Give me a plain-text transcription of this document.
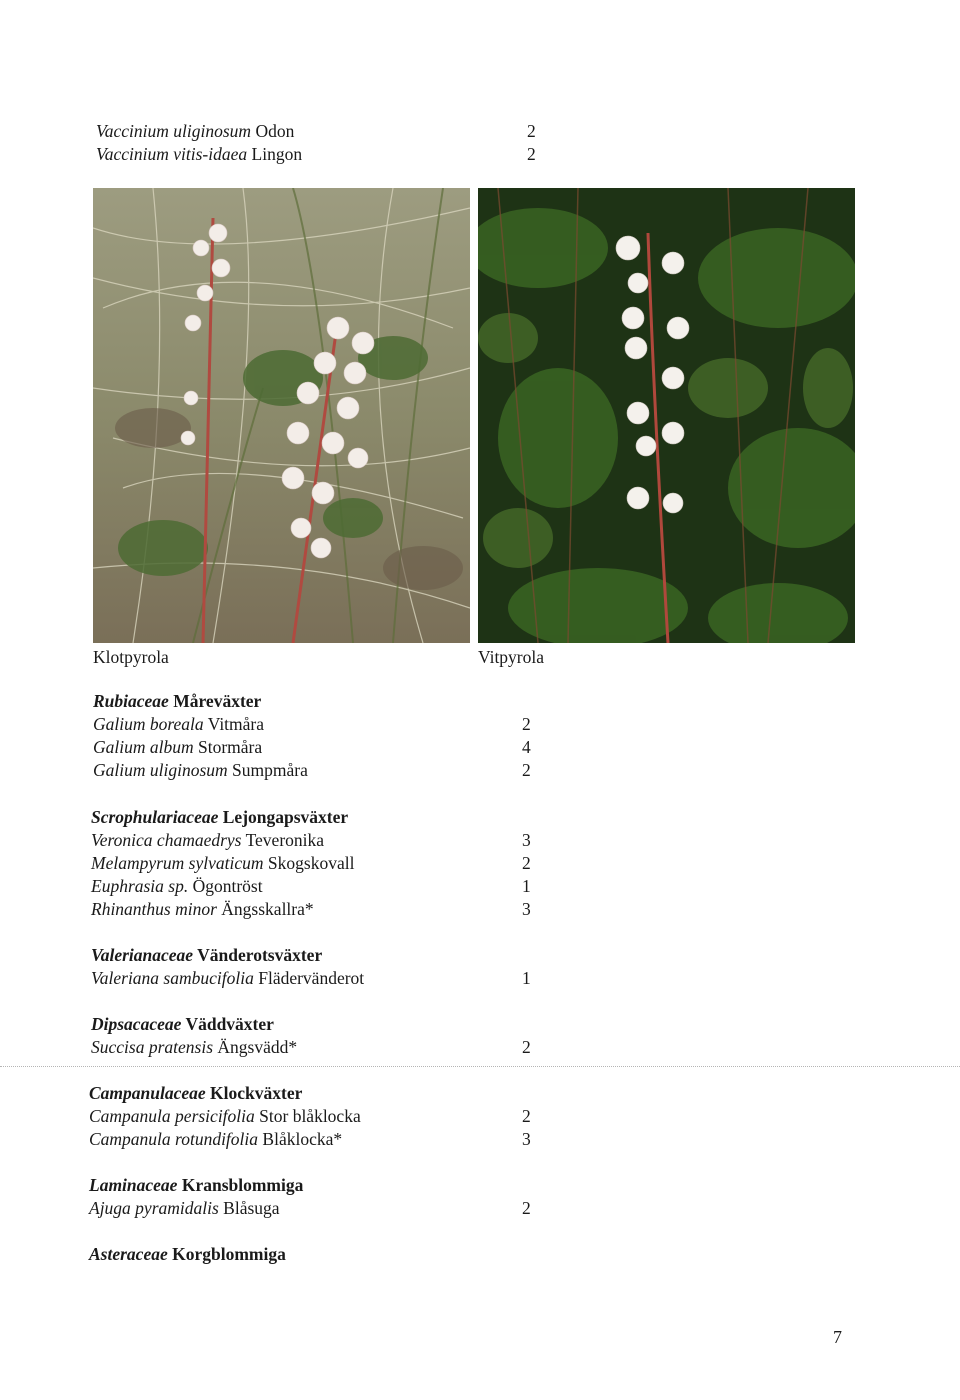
Vaccinium uliginosum Odon	2
Vaccinium vitis-idaea Lingon	2
Klotpyrola	Vitpyrola
Rubiaceae Måreväxter
Galium boreala Vitmåra	2
Galium album Stormåra	4
Galium uliginosum Sumpmåra	2
Scrophulariaceae Lejongapsväxter
Veronica chamaedrys Teveronika	3
Melampyrum sylvaticum Skogskovall	2
Euphrasia sp. Ögontröst	1
Rhinanthus minor Ängsskallra*	3
Valerianaceae Vänderotsväxter
Valeriana sambucifolia Flädervänderot	1
Dipsacaceae Väddväxter
Succisa pratensis Ängsvädd*	2
Campanulaceae Klockväxter
Campanula persicifolia Stor blåklocka	2
Campanula rotundifolia Blåklocka*	3
Laminaceae Kransblommiga
Ajuga pyramidalis Blåsuga	2
Asteraceae Korgblommiga
7
